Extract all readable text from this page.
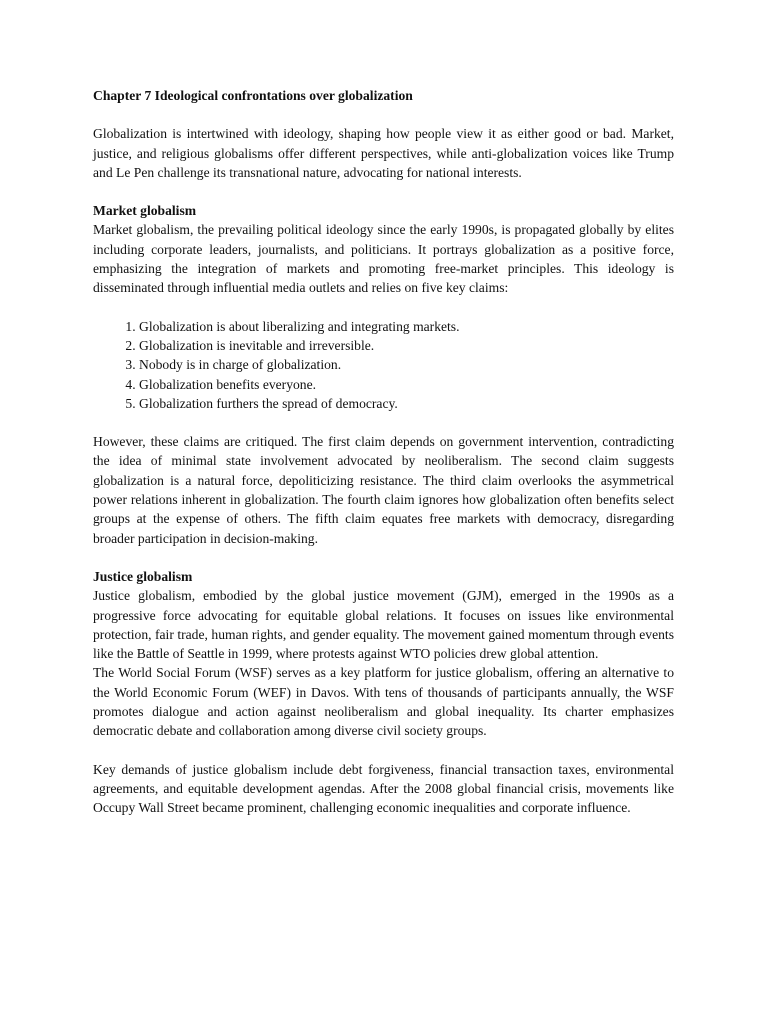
Chapter 7 Ideological confrontations over globalization

Globalization is intertwined with ideology, shaping how people view it as either good or bad. Market, justice, and religious globalisms offer different perspectives, while anti-globalization voices like Trump and Le Pen challenge its transnational nature, advocating for national interests.

Market globalism

Market globalism, the prevailing political ideology since the early 1990s, is propagated globally by elites including corporate leaders, journalists, and politicians. It portrays globalization as a positive force, emphasizing the integration of markets and promoting free-market principles. This ideology is disseminated through influential media outlets and relies on five key claims:

1. Globalization is about liberalizing and integrating markets.
2. Globalization is inevitable and irreversible.
3. Nobody is in charge of globalization.
4. Globalization benefits everyone.
5. Globalization furthers the spread of democracy.

However, these claims are critiqued. The first claim depends on government intervention, contradicting the idea of minimal state involvement advocated by neoliberalism. The second claim suggests globalization is a natural force, depoliticizing resistance. The third claim overlooks the asymmetrical power relations inherent in globalization. The fourth claim ignores how globalization often benefits select groups at the expense of others. The fifth claim equates free markets with democracy, disregarding broader participation in decision-making.

Justice globalism

Justice globalism, embodied by the global justice movement (GJM), emerged in the 1990s as a progressive force advocating for equitable global relations. It focuses on issues like environmental protection, fair trade, human rights, and gender equality. The movement gained momentum through events like the Battle of Seattle in 1999, where protests against WTO policies drew global attention.

The World Social Forum (WSF) serves as a key platform for justice globalism, offering an alternative to the World Economic Forum (WEF) in Davos. With tens of thousands of participants annually, the WSF promotes dialogue and action against neoliberalism and global inequality. Its charter emphasizes democratic debate and collaboration among diverse civil society groups.

Key demands of justice globalism include debt forgiveness, financial transaction taxes, environmental agreements, and equitable development agendas. After the 2008 global financial crisis, movements like Occupy Wall Street became prominent, challenging economic inequalities and corporate influence.
